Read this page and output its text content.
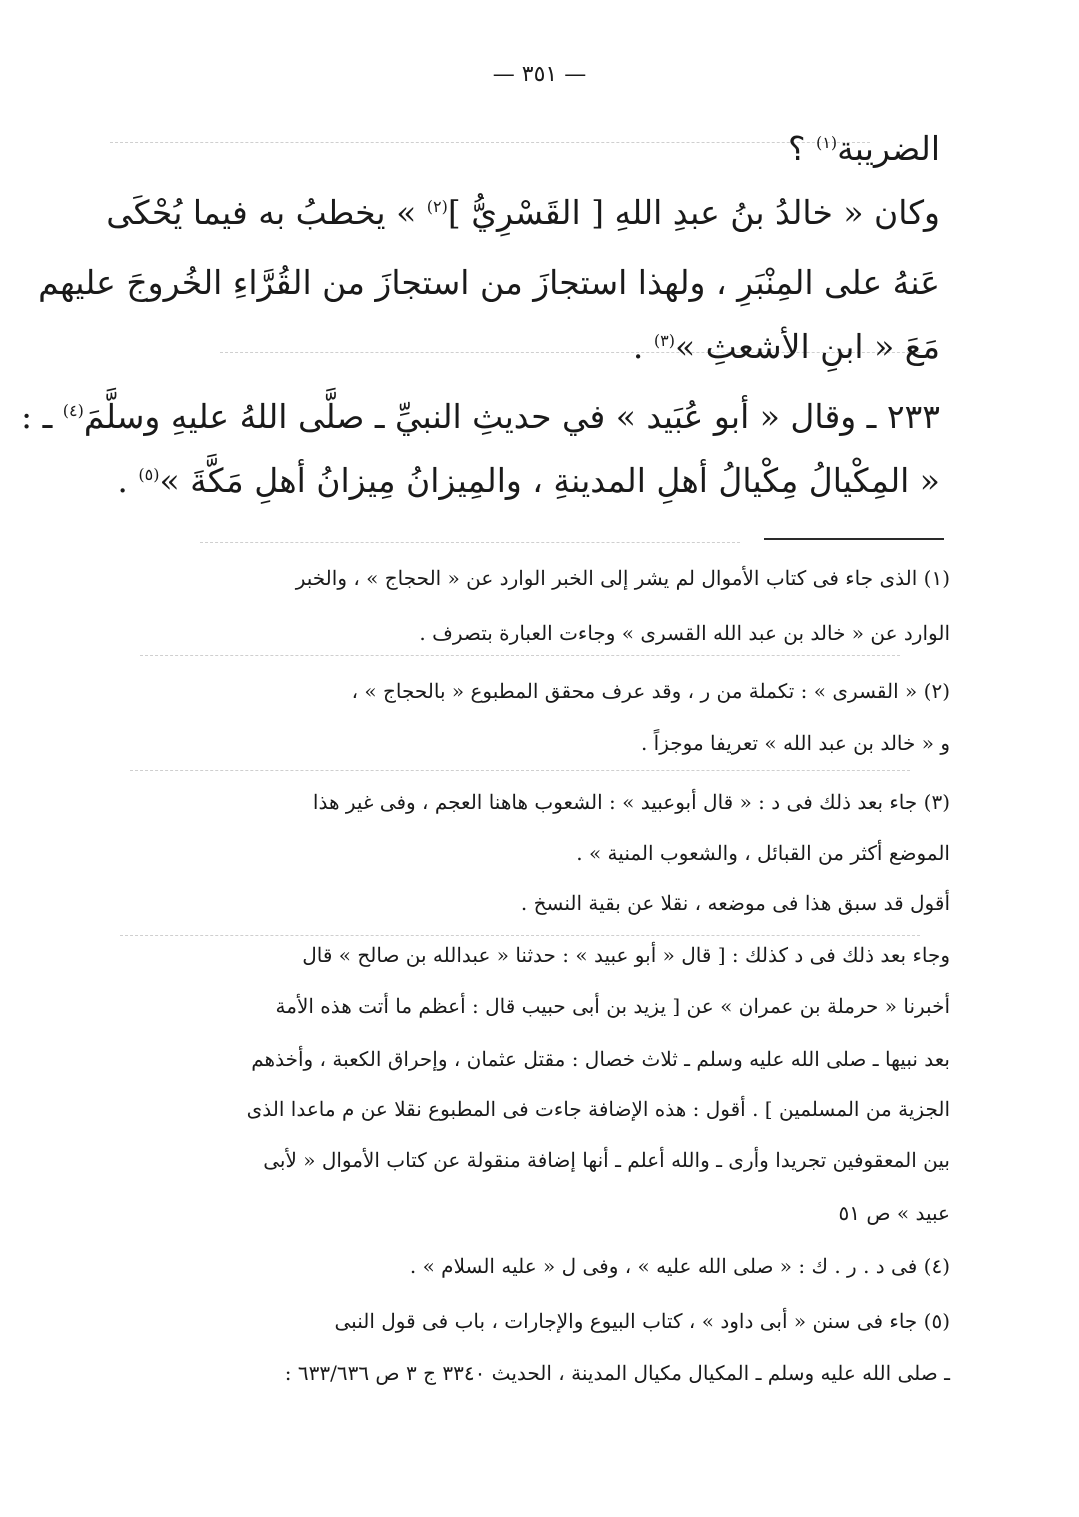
— ٣٥١ —
الضريبة$^{(١)}$ ؟
وكان « خالدُ بنُ عبدِ اللهِ [ القَسْرِيُّ ]$^{(٢)}$ » يخطبُ به فيما يُحْكَى
عَنهُ على المِنْبَرِ ، ولهذا استجازَ من استجازَ من القُرَّاءِ الخُروجَ عليهم
مَعَ « ابنِ الأشعثِ »$^{(٣)}$ .
٢٣٣ ـ وقال « أبو عُبَيد » في حديثِ النبيِّ ـ صلَّى اللهُ عليهِ وسلَّمَ$^{(٤)}$ ـ :
« المِكْيالُ مِكْيالُ أهلِ المدينةِ ، والمِيزانُ مِيزانُ أهلِ مَكَّةَ »$^{(٥)}$ .
(١) الذى جاء فى كتاب الأموال لم يشر إلى الخبر الوارد عن « الحجاج » ، والخبر
الوارد عن « خالد بن عبد الله القسرى » وجاءت العبارة بتصرف .
(٢) « القسرى » : تكملة من ر ، وقد عرف محقق المطبوع « بالحجاج » ،
و « خالد بن عبد الله » تعريفا موجزاً .
(٣) جاء بعد ذلك فى د : « قال أبوعبيد » : الشعوب هاهنا العجم ، وفى غير هذا
الموضع أكثر من القبائل ، والشعوب المنية » .
أقول قد سبق هذا فى موضعه ، نقلا عن بقية النسخ .
وجاء بعد ذلك فى د كذلك : [ قال « أبو عبيد » : حدثنا « عبدالله بن صالح » قال
أخبرنا « حرملة بن عمران » عن [ يزيد بن أبى حبيب قال : أعظم ما أتت هذه الأمة
بعد نبيها ـ صلى الله عليه وسلم ـ ثلاث خصال : مقتل عثمان ، وإحراق الكعبة ، وأخذهم
الجزية من المسلمين ] . أقول : هذه الإضافة جاءت فى المطبوع نقلا عن م ماعدا الذى
بين المعقوفين تجريدا وأرى ـ والله أعلم ـ أنها إضافة منقولة عن كتاب الأموال « لأبى
عبيد » ص ٥١
(٤) فى د . ر . ك : « صلى الله عليه » ، وفى ل « عليه السلام » .
(٥) جاء فى سنن « أبى داود » ، كتاب البيوع والإجارات ، باب فى قول النبى
ـ صلى الله عليه وسلم ـ المكيال مكيال المدينة ، الحديث ٣٣٤٠ ج ٣ ص ٦٣٣/٦٣٦ :
